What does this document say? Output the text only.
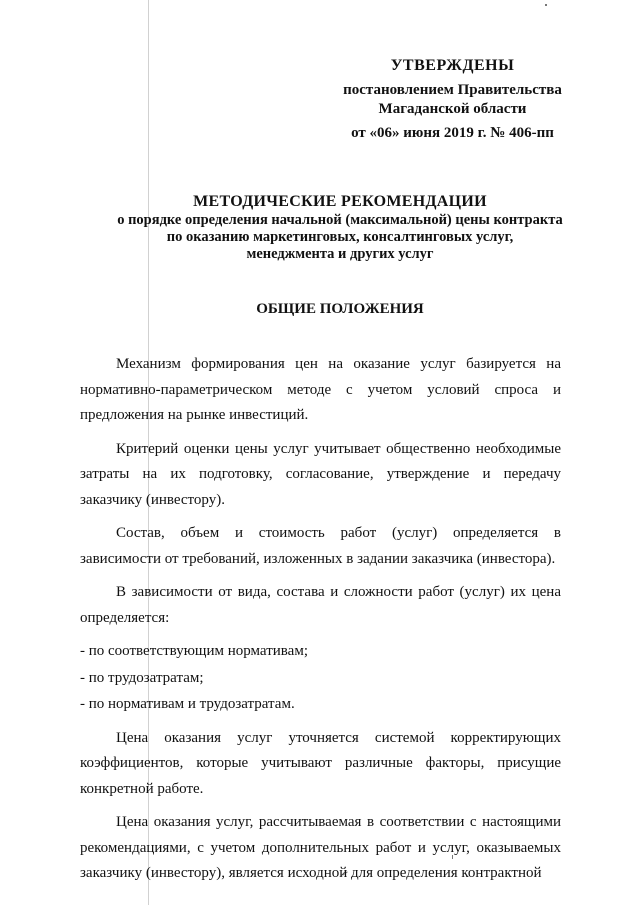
УТВЕРЖДЕНЫ
постановлением Правительства
Магаданской области
от «06» июня 2019 г. № 406-пп
МЕТОДИЧЕСКИЕ РЕКОМЕНДАЦИИ
о порядке определения начальной (максимальной) цены контракта
по оказанию маркетинговых, консалтинговых услуг,
менеджмента и других услуг
ОБЩИЕ ПОЛОЖЕНИЯ

Механизм формирования цен на оказание услуг базируется на нормативно-параметрическом методе с учетом условий спроса и предложения на рынке инвестиций.

Критерий оценки цены услуг учитывает общественно необходимые затраты на их подготовку, согласование, утверждение и передачу заказчику (инвестору).

Состав, объем и стоимость работ (услуг) определяется в зависимости от требований, изложенных в задании заказчика (инвестора).

В зависимости от вида, состава и сложности работ (услуг) их цена определяется:

- по соответствующим нормативам;

- по трудозатратам;

- по нормативам и трудозатратам.

Цена оказания услуг уточняется системой корректирующих коэффициентов, которые учитывают различные факторы, присущие конкретной работе.

Цена оказания услуг, рассчитываемая в соответствии с настоящими рекомендациями, с учетом дополнительных работ и услуг, оказываемых заказчику (инвестору), является исходной для определения контрактной
